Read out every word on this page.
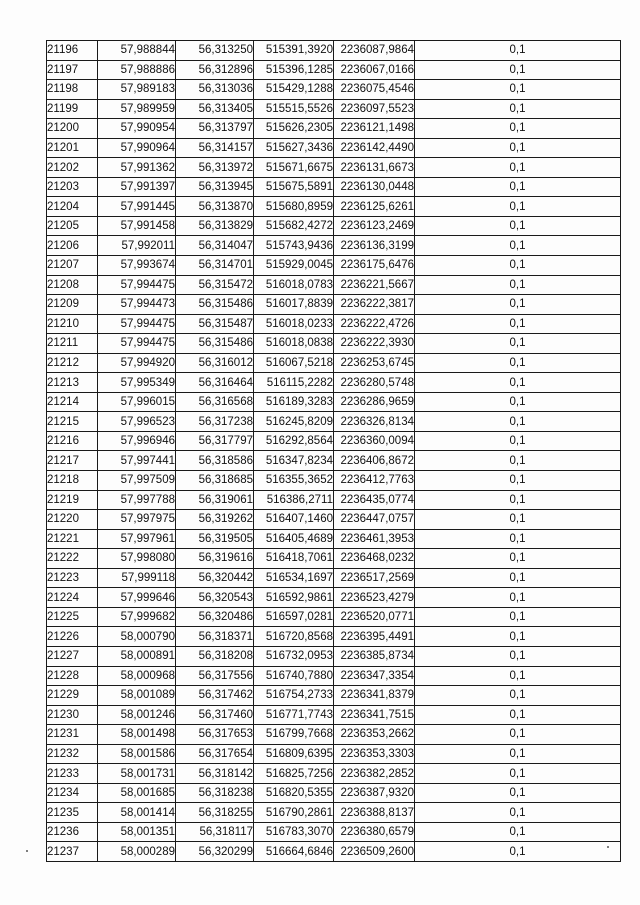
21196	57,988844	56,313250	515391,3920	2236087,9864	0,1
21197	57,988886	56,312896	515396,1285	2236067,0166	0,1
21198	57,989183	56,313036	515429,1288	2236075,4546	0,1
21199	57,989959	56,313405	515515,5526	2236097,5523	0,1
21200	57,990954	56,313797	515626,2305	2236121,1498	0,1
21201	57,990964	56,314157	515627,3436	2236142,4490	0,1
21202	57,991362	56,313972	515671,6675	2236131,6673	0,1
21203	57,991397	56,313945	515675,5891	2236130,0448	0,1
21204	57,991445	56,313870	515680,8959	2236125,6261	0,1
21205	57,991458	56,313829	515682,4272	2236123,2469	0,1
21206	57,992011	56,314047	515743,9436	2236136,3199	0,1
21207	57,993674	56,314701	515929,0045	2236175,6476	0,1
21208	57,994475	56,315472	516018,0783	2236221,5667	0,1
21209	57,994473	56,315486	516017,8839	2236222,3817	0,1
21210	57,994475	56,315487	516018,0233	2236222,4726	0,1
21211	57,994475	56,315486	516018,0838	2236222,3930	0,1
21212	57,994920	56,316012	516067,5218	2236253,6745	0,1
21213	57,995349	56,316464	516115,2282	2236280,5748	0,1
21214	57,996015	56,316568	516189,3283	2236286,9659	0,1
21215	57,996523	56,317238	516245,8209	2236326,8134	0,1
21216	57,996946	56,317797	516292,8564	2236360,0094	0,1
21217	57,997441	56,318586	516347,8234	2236406,8672	0,1
21218	57,997509	56,318685	516355,3652	2236412,7763	0,1
21219	57,997788	56,319061	516386,2711	2236435,0774	0,1
21220	57,997975	56,319262	516407,1460	2236447,0757	0,1
21221	57,997961	56,319505	516405,4689	2236461,3953	0,1
21222	57,998080	56,319616	516418,7061	2236468,0232	0,1
21223	57,999118	56,320442	516534,1697	2236517,2569	0,1
21224	57,999646	56,320543	516592,9861	2236523,4279	0,1
21225	57,999682	56,320486	516597,0281	2236520,0771	0,1
21226	58,000790	56,318371	516720,8568	2236395,4491	0,1
21227	58,000891	56,318208	516732,0953	2236385,8734	0,1
21228	58,000968	56,317556	516740,7880	2236347,3354	0,1
21229	58,001089	56,317462	516754,2733	2236341,8379	0,1
21230	58,001246	56,317460	516771,7743	2236341,7515	0,1
21231	58,001498	56,317653	516799,7668	2236353,2662	0,1
21232	58,001586	56,317654	516809,6395	2236353,3303	0,1
21233	58,001731	56,318142	516825,7256	2236382,2852	0,1
21234	58,001685	56,318238	516820,5355	2236387,9320	0,1
21235	58,001414	56,318255	516790,2861	2236388,8137	0,1
21236	58,001351	56,318117	516783,3070	2236380,6579	0,1
21237	58,000289	56,320299	516664,6846	2236509,2600	0,1
